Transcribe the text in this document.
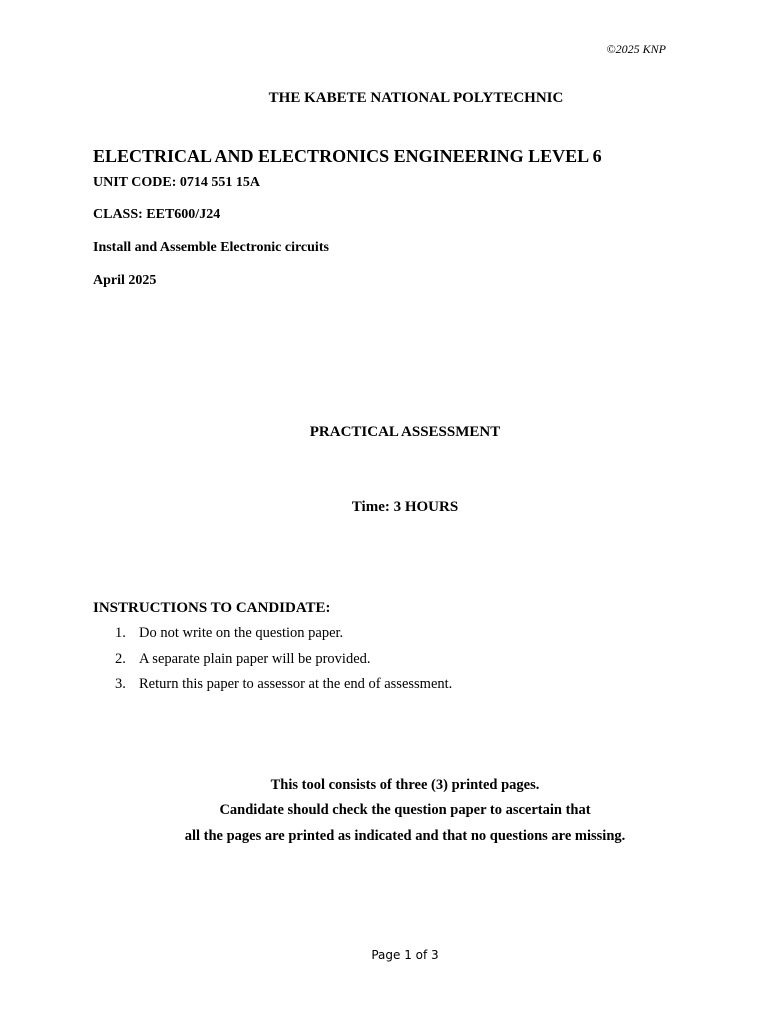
©2025 KNP
THE KABETE NATIONAL POLYTECHNIC
ELECTRICAL AND ELECTRONICS ENGINEERING LEVEL 6
UNIT CODE: 0714 551 15A
CLASS: EET600/J24
Install and Assemble Electronic circuits
April 2025
PRACTICAL ASSESSMENT
Time: 3 HOURS
INSTRUCTIONS TO CANDIDATE:
1. Do not write on the question paper.
2. A separate plain paper will be provided.
3. Return this paper to assessor at the end of assessment.
This tool consists of three (3) printed pages.
Candidate should check the question paper to ascertain that
all the pages are printed as indicated and that no questions are missing.
Page 1 of 3
